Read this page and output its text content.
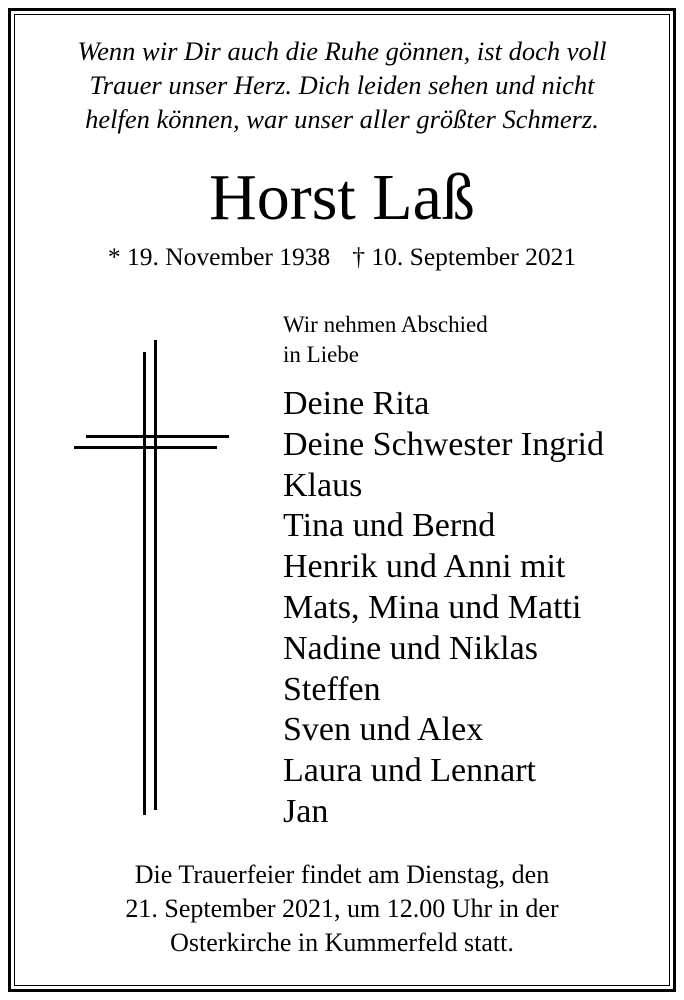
Wenn wir Dir auch die Ruhe gönnen, ist doch voll
Trauer unser Herz. Dich leiden sehen und nicht
helfen können, war unser aller größter Schmerz.
Horst Laß
* 19. November 1938 † 10. September 2021
Wir nehmen Abschied
in Liebe
Deine Rita
Deine Schwester Ingrid
Klaus
Tina und Bernd
Henrik und Anni mit
Mats, Mina und Matti
Nadine und Niklas
Steffen
Sven und Alex
Laura und Lennart
Jan
Die Trauerfeier findet am Dienstag, den
21. September 2021, um 12.00 Uhr in der
Osterkirche in Kummerfeld statt.
